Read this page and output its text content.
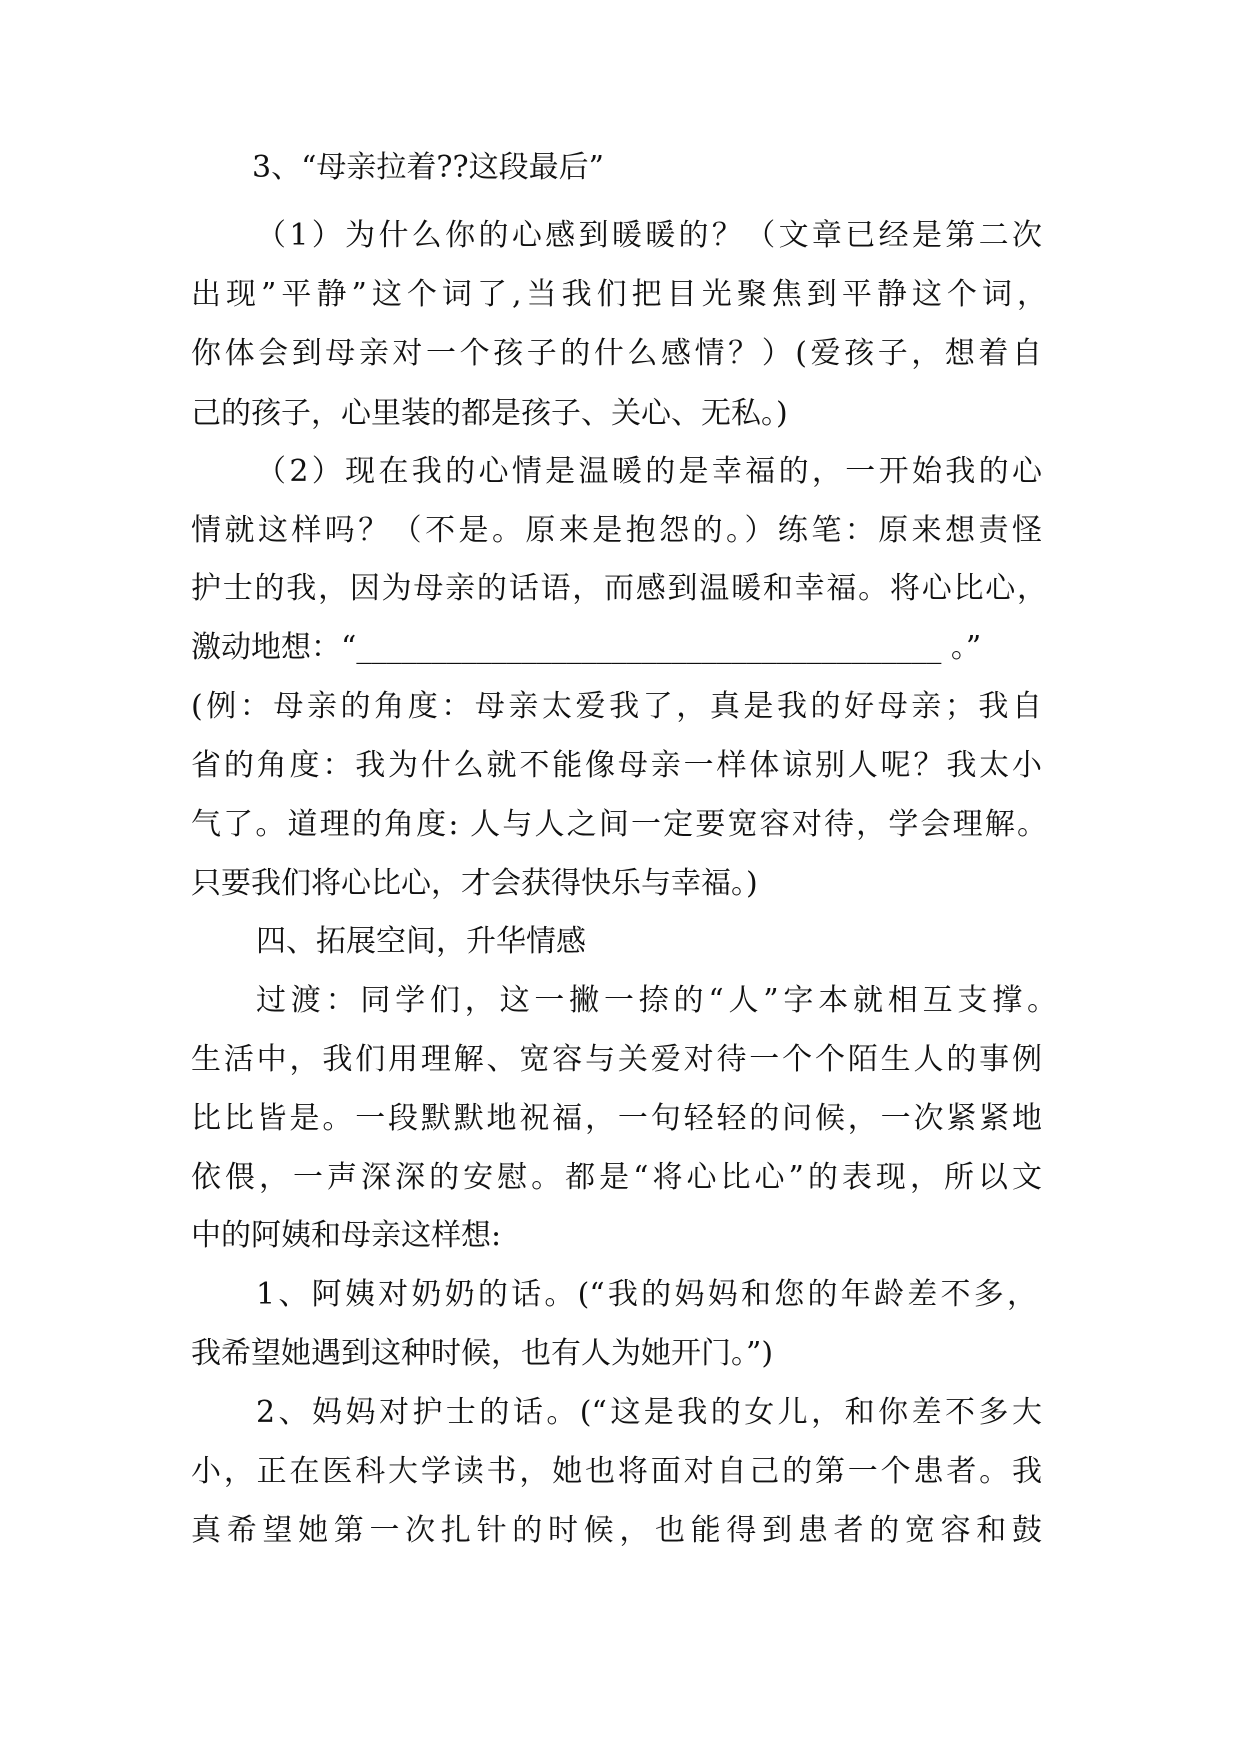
3、“母亲拉着??这段最后”
（1）为什么你的心感到暖暖的？（文章已经是第二次
出现”平静”这个词了,当我们把目光聚焦到平静这个词，
你体会到母亲对一个孩子的什么感情？）(爱孩子，想着自
己的孩子，心里装的都是孩子、关心、无私。)
（2）现在我的心情是温暖的是幸福的，一开始我的心
情就这样吗？（不是。原来是抱怨的。）练笔：原来想责怪
护士的我，因为母亲的话语，而感到温暖和幸福。将心比心，
激动地想：“_______________________________________ 。”
(例：母亲的角度：母亲太爱我了，真是我的好母亲；我自
省的角度：我为什么就不能像母亲一样体谅别人呢？我太小
气了。道理的角度: 人与人之间一定要宽容对待，学会理解。
只要我们将心比心，才会获得快乐与幸福。)
四、拓展空间，升华情感
过渡：同学们，这一撇一捺的“人”字本就相互支撑。
生活中，我们用理解、宽容与关爱对待一个个陌生人的事例
比比皆是。一段默默地祝福，一句轻轻的问候，一次紧紧地
依偎，一声深深的安慰。都是“将心比心”的表现，所以文
中的阿姨和母亲这样想:
1、阿姨对奶奶的话。(“我的妈妈和您的年龄差不多，
我希望她遇到这种时候，也有人为她开门。”)
2、妈妈对护士的话。(“这是我的女儿，和你差不多大
小，正在医科大学读书，她也将面对自己的第一个患者。我
真希望她第一次扎针的时候，也能得到患者的宽容和鼓
